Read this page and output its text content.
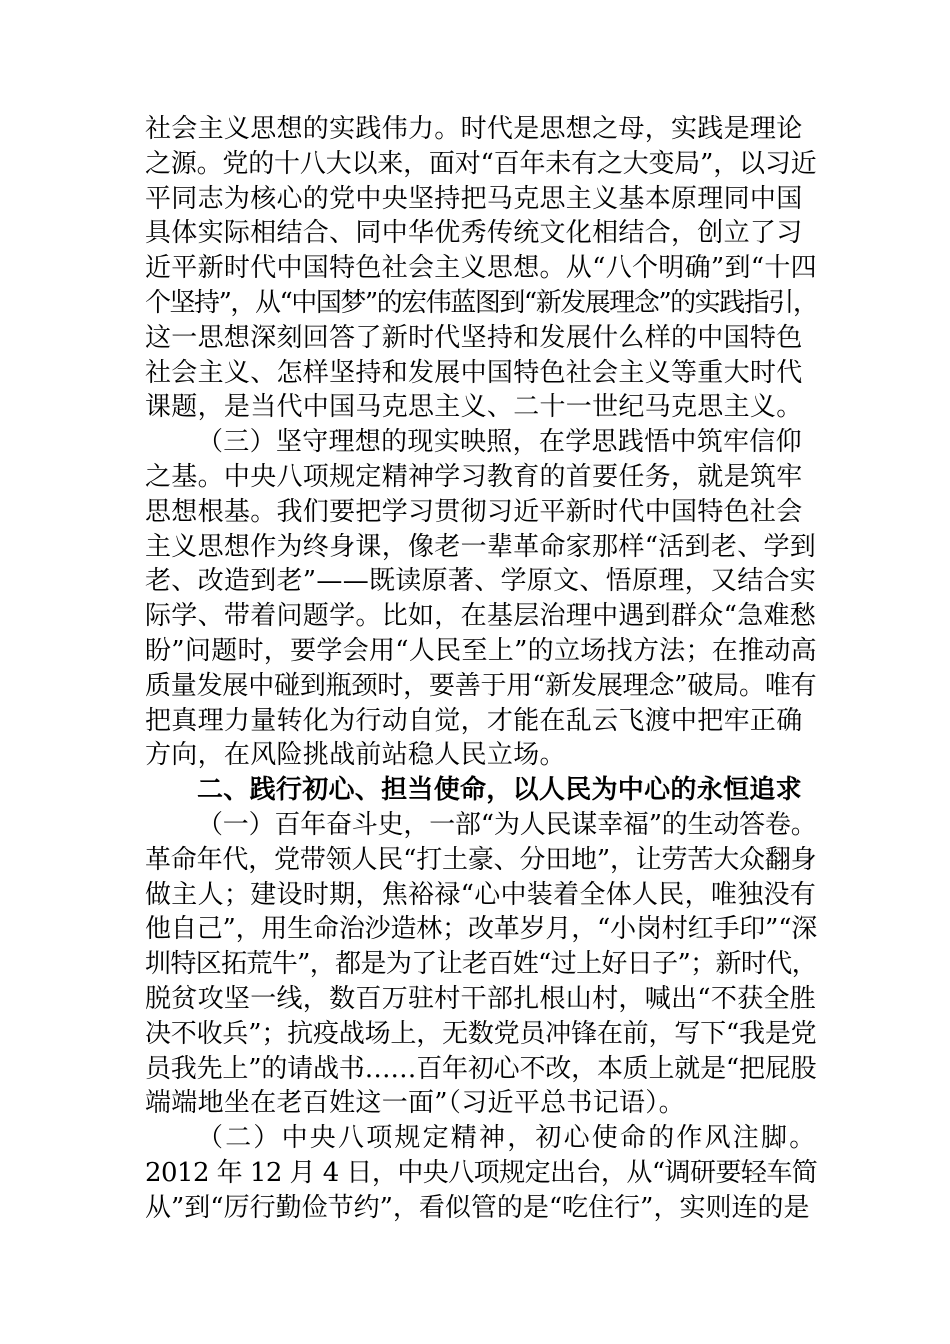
社会主义思想的实践伟力。时代是思想之母，实践是理论
之源。党的十八大以来，面对“百年未有之大变局”，以习近
平同志为核心的党中央坚持把马克思主义基本原理同中国
具体实际相结合、同中华优秀传统文化相结合，创立了习
近平新时代中国特色社会主义思想。从“八个明确”到“十四
个坚持”，从“中国梦”的宏伟蓝图到“新发展理念”的实践指引，
这一思想深刻回答了新时代坚持和发展什么样的中国特色
社会主义、怎样坚持和发展中国特色社会主义等重大时代
课题，是当代中国马克思主义、二十一世纪马克思主义。
（三）坚守理想的现实映照，在学思践悟中筑牢信仰
之基。中央八项规定精神学习教育的首要任务，就是筑牢
思想根基。我们要把学习贯彻习近平新时代中国特色社会
主义思想作为终身课，像老一辈革命家那样“活到老、学到
老、改造到老”——既读原著、学原文、悟原理，又结合实
际学、带着问题学。比如，在基层治理中遇到群众“急难愁
盼”问题时，要学会用“人民至上”的立场找方法；在推动高
质量发展中碰到瓶颈时，要善于用“新发展理念”破局。唯有
把真理力量转化为行动自觉，才能在乱云飞渡中把牢正确
方向，在风险挑战前站稳人民立场。
二、践行初心、担当使命，以人民为中心的永恒追求
（一）百年奋斗史，一部“为人民谋幸福”的生动答卷。
革命年代，党带领人民“打土豪、分田地”，让劳苦大众翻身
做主人；建设时期，焦裕禄“心中装着全体人民，唯独没有
他自己”，用生命治沙造林；改革岁月，“小岗村红手印”“深
圳特区拓荒牛”，都是为了让老百姓“过上好日子”；新时代，
脱贫攻坚一线，数百万驻村干部扎根山村，喊出“不获全胜
决不收兵”；抗疫战场上，无数党员冲锋在前，写下“我是党
员我先上”的请战书……百年初心不改，本质上就是“把屁股
端端地坐在老百姓这一面”（习近平总书记语）。
（二）中央八项规定精神，初心使命的作风注脚。
2012 年 12 月 4 日，中央八项规定出台，从“调研要轻车简
从”到“厉行勤俭节约”，看似管的是“吃住行”，实则连的是
